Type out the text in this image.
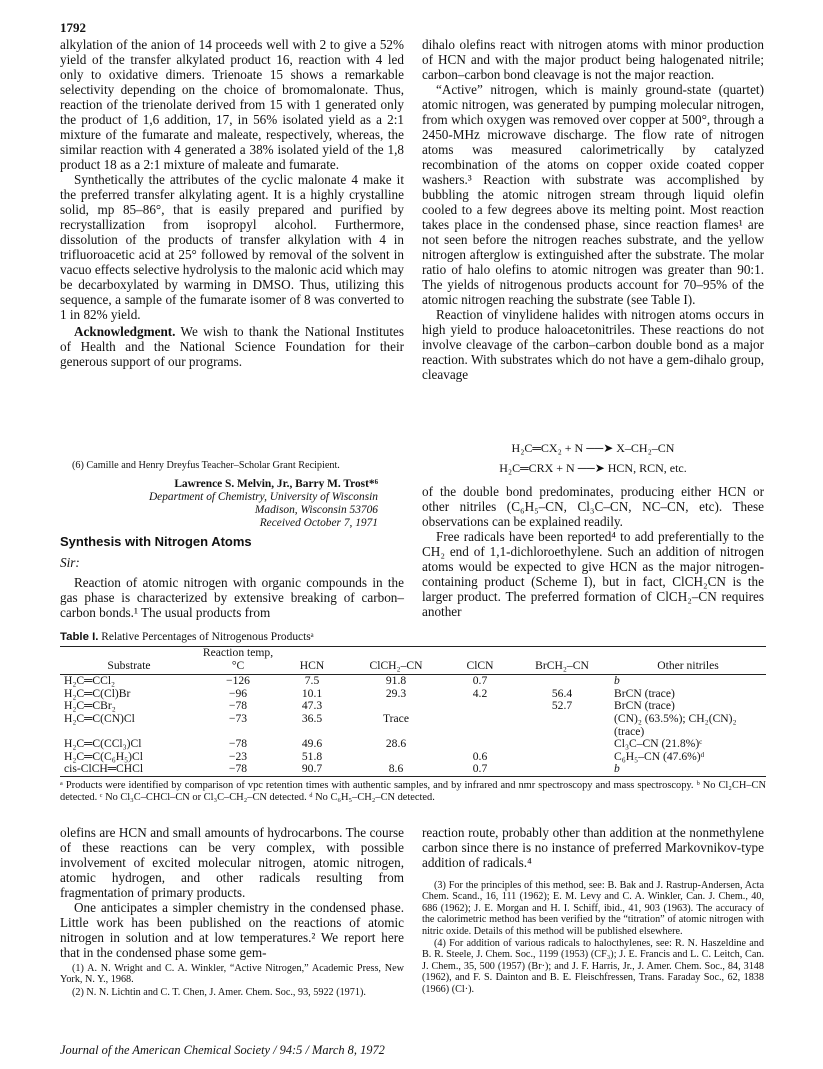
1792

alkylation of the anion of 14 proceeds well with 2 to give a 52% yield of the transfer alkylated product 16, reaction with 4 led only to oxidative dimers. Trienoate 15 shows a remarkable selectivity depending on the choice of bromomalonate. Thus, reaction of the trienolate derived from 15 with 1 generated only the product of 1,6 addition, 17, in 56% isolated yield as a 2:1 mixture of the fumarate and maleate, respectively, whereas, the similar reaction with 4 generated a 38% isolated yield of the 1,8 product 18 as a 2:1 mixture of maleate and fumarate.

Synthetically the attributes of the cyclic malonate 4 make it the preferred transfer alkylating agent. It is a highly crystalline solid, mp 85–86°, that is easily prepared and purified by recrystallization from isopropyl alcohol. Furthermore, dissolution of the products of transfer alkylation with 4 in trifluoroacetic acid at 25° followed by removal of the solvent in vacuo effects selective hydrolysis to the malonic acid which may be decarboxylated by warming in DMSO. Thus, utilizing this sequence, a sample of the fumarate isomer of 8 was converted to 1 in 82% yield.

Acknowledgment. We wish to thank the National Institutes of Health and the National Science Foundation for their generous support of our programs.

(6) Camille and Henry Dreyfus Teacher–Scholar Grant Recipient.
Lawrence S. Melvin, Jr., Barry M. Trost*⁶
Department of Chemistry, University of Wisconsin
Madison, Wisconsin 53706
Received October 7, 1971
Synthesis with Nitrogen Atoms
Sir:
Reaction of atomic nitrogen with organic compounds in the gas phase is characterized by extensive breaking of carbon–carbon bonds.¹ The usual products from

dihalo olefins react with nitrogen atoms with minor production of HCN and with the major product being halogenated nitrile; carbon–carbon bond cleavage is not the major reaction.

“Active” nitrogen, which is mainly ground-state (quartet) atomic nitrogen, was generated by pumping molecular nitrogen, from which oxygen was removed over copper at 500°, through a 2450-MHz microwave discharge. The flow rate of nitrogen atoms was measured calorimetrically by catalyzed recombination of the atoms on copper oxide coated copper washers.³ Reaction with substrate was accomplished by bubbling the atomic nitrogen stream through liquid olefin cooled to a few degrees above its melting point. Most reaction takes place in the condensed phase, since reaction flames¹ are not seen before the nitrogen reaches substrate, and the yellow nitrogen afterglow is extinguished after the substrate. The molar ratio of halo olefins to atomic nitrogen was greater than 90:1. The yields of nitrogenous products account for 70–95% of the atomic nitrogen reaching the substrate (see Table I).

Reaction of vinylidene halides with nitrogen atoms occurs in high yield to produce haloacetonitriles. These reactions do not involve cleavage of the carbon–carbon double bond as a major reaction. With substrates which do not have a gem-dihalo group, cleavage

H₂C═CX₂ + N ──➤ X–CH₂–CN
H₂C═CRX + N ──➤ HCN, RCN, etc.

of the double bond predominates, producing either HCN or other nitriles (C₆H₅–CN, Cl₃C–CN, NC–CN, etc). These observations can be explained readily.

Free radicals have been reported⁴ to add preferentially to the CH₂ end of 1,1-dichloroethylene. Such an addition of nitrogen atoms would be expected to give HCN as the major nitrogen-containing product (Scheme I), but in fact, ClCH₂CN is the larger product. The preferred formation of ClCH₂–CN requires another

Table I. Relative Percentages of Nitrogenous Productsᵃ
Substrate	Reaction temp, °C	HCN	ClCH₂–CN	ClCN	BrCH₂–CN	Other nitriles
H₂C═CCl₂	−126	7.5	91.8	0.7		b
H₂C═C(Cl)Br	−96	10.1	29.3	4.2	56.4	BrCN (trace)
H₂C═CBr₂	−78	47.3			52.7	BrCN (trace)
H₂C═C(CN)Cl	−73	36.5	Trace			(CN)₂ (63.5%); CH₂(CN)₂ (trace)
H₂C═C(CCl₃)Cl	−78	49.6	28.6			Cl₃C–CN (21.8%)ᶜ
H₂C═C(C₆H₅)Cl	−23	51.8		0.6		C₆H₅–CN (47.6%)ᵈ
cis-ClCH═CHCl	−78	90.7	8.6	0.7		b
ᵃ Products were identified by comparison of vpc retention times with authentic samples, and by infrared and nmr spectroscopy and mass spectroscopy. ᵇ No Cl₂CH–CN detected. ᶜ No Cl₃C–CHCl–CN or Cl₃C–CH₂–CN detected. ᵈ No C₆H₅–CH₂–CN detected.

olefins are HCN and small amounts of hydrocarbons. The course of these reactions can be very complex, with possible involvement of excited molecular nitrogen, atomic nitrogen, atomic hydrogen, and other radicals resulting from fragmentation of primary products.

One anticipates a simpler chemistry in the condensed phase. Little work has been published on the reactions of atomic nitrogen in solution and at low temperatures.² We report here that in the condensed phase some gem-

(1) A. N. Wright and C. A. Winkler, “Active Nitrogen,” Academic Press, New York, N. Y., 1968.

(2) N. N. Lichtin and C. T. Chen, J. Amer. Chem. Soc., 93, 5922 (1971).

reaction route, probably other than addition at the nonmethylene carbon since there is no instance of preferred Markovnikov-type addition of radicals.⁴

(3) For the principles of this method, see: B. Bak and J. Rastrup-Andersen, Acta Chem. Scand., 16, 111 (1962); E. M. Levy and C. A. Winkler, Can. J. Chem., 40, 686 (1962); J. E. Morgan and H. I. Schiff, ibid., 41, 903 (1963). The accuracy of the calorimetric method has been verified by the “titration” of atomic nitrogen with nitric oxide. Details of this method will be published elsewhere.

(4) For addition of various radicals to halocthylenes, see: R. N. Haszeldine and B. R. Steele, J. Chem. Soc., 1199 (1953) (CF₃); J. E. Francis and L. C. Leitch, Can. J. Chem., 35, 500 (1957) (Br·); and J. F. Harris, Jr., J. Amer. Chem. Soc., 84, 3148 (1962), and F. S. Dainton and B. E. Fleischfressen, Trans. Faraday Soc., 62, 1838 (1966) (Cl·).

Journal of the American Chemical Society / 94:5 / March 8, 1972
